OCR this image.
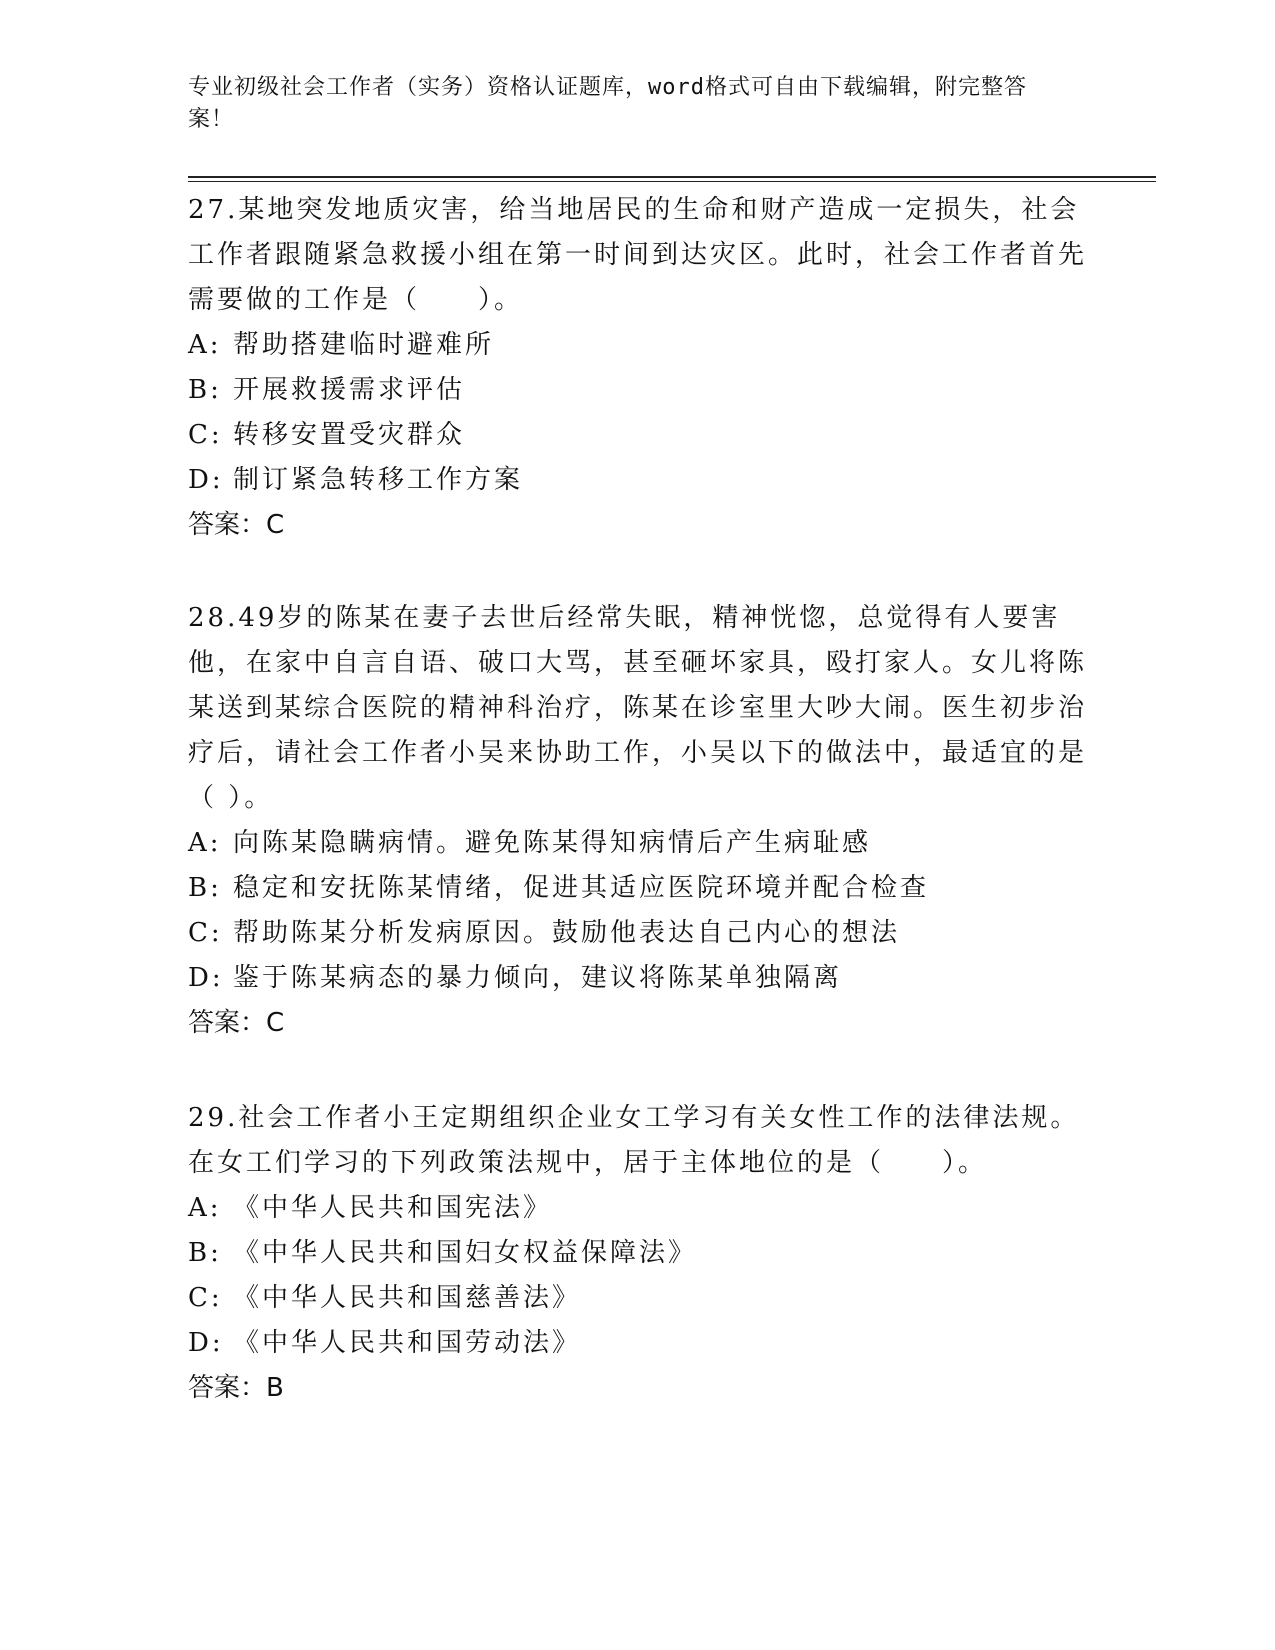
专业初级社会工作者（实务）资格认证题库，word格式可自由下载编辑，附完整答案！

27.某地突发地质灾害，给当地居民的生命和财产造成一定损失，社会工作者跟随紧急救援小组在第一时间到达灾区。此时，社会工作者首先需要做的工作是（　　）。

A: 帮助搭建临时避难所
B: 开展救援需求评估
C: 转移安置受灾群众
D: 制订紧急转移工作方案

答案：C

28.49岁的陈某在妻子去世后经常失眠，精神恍惚，总觉得有人要害他，在家中自言自语、破口大骂，甚至砸坏家具，殴打家人。女儿将陈某送到某综合医院的精神科治疗，陈某在诊室里大吵大闹。医生初步治疗后，请社会工作者小吴来协助工作，小吴以下的做法中，最适宜的是（ ）。

A: 向陈某隐瞒病情。避免陈某得知病情后产生病耻感
B: 稳定和安抚陈某情绪，促进其适应医院环境并配合检查
C: 帮助陈某分析发病原因。鼓励他表达自己内心的想法
D: 鉴于陈某病态的暴力倾向，建议将陈某单独隔离

答案：C

29.社会工作者小王定期组织企业女工学习有关女性工作的法律法规。在女工们学习的下列政策法规中，居于主体地位的是（　　）。

A: 《中华人民共和国宪法》
B: 《中华人民共和国妇女权益保障法》
C: 《中华人民共和国慈善法》
D: 《中华人民共和国劳动法》

答案：B
